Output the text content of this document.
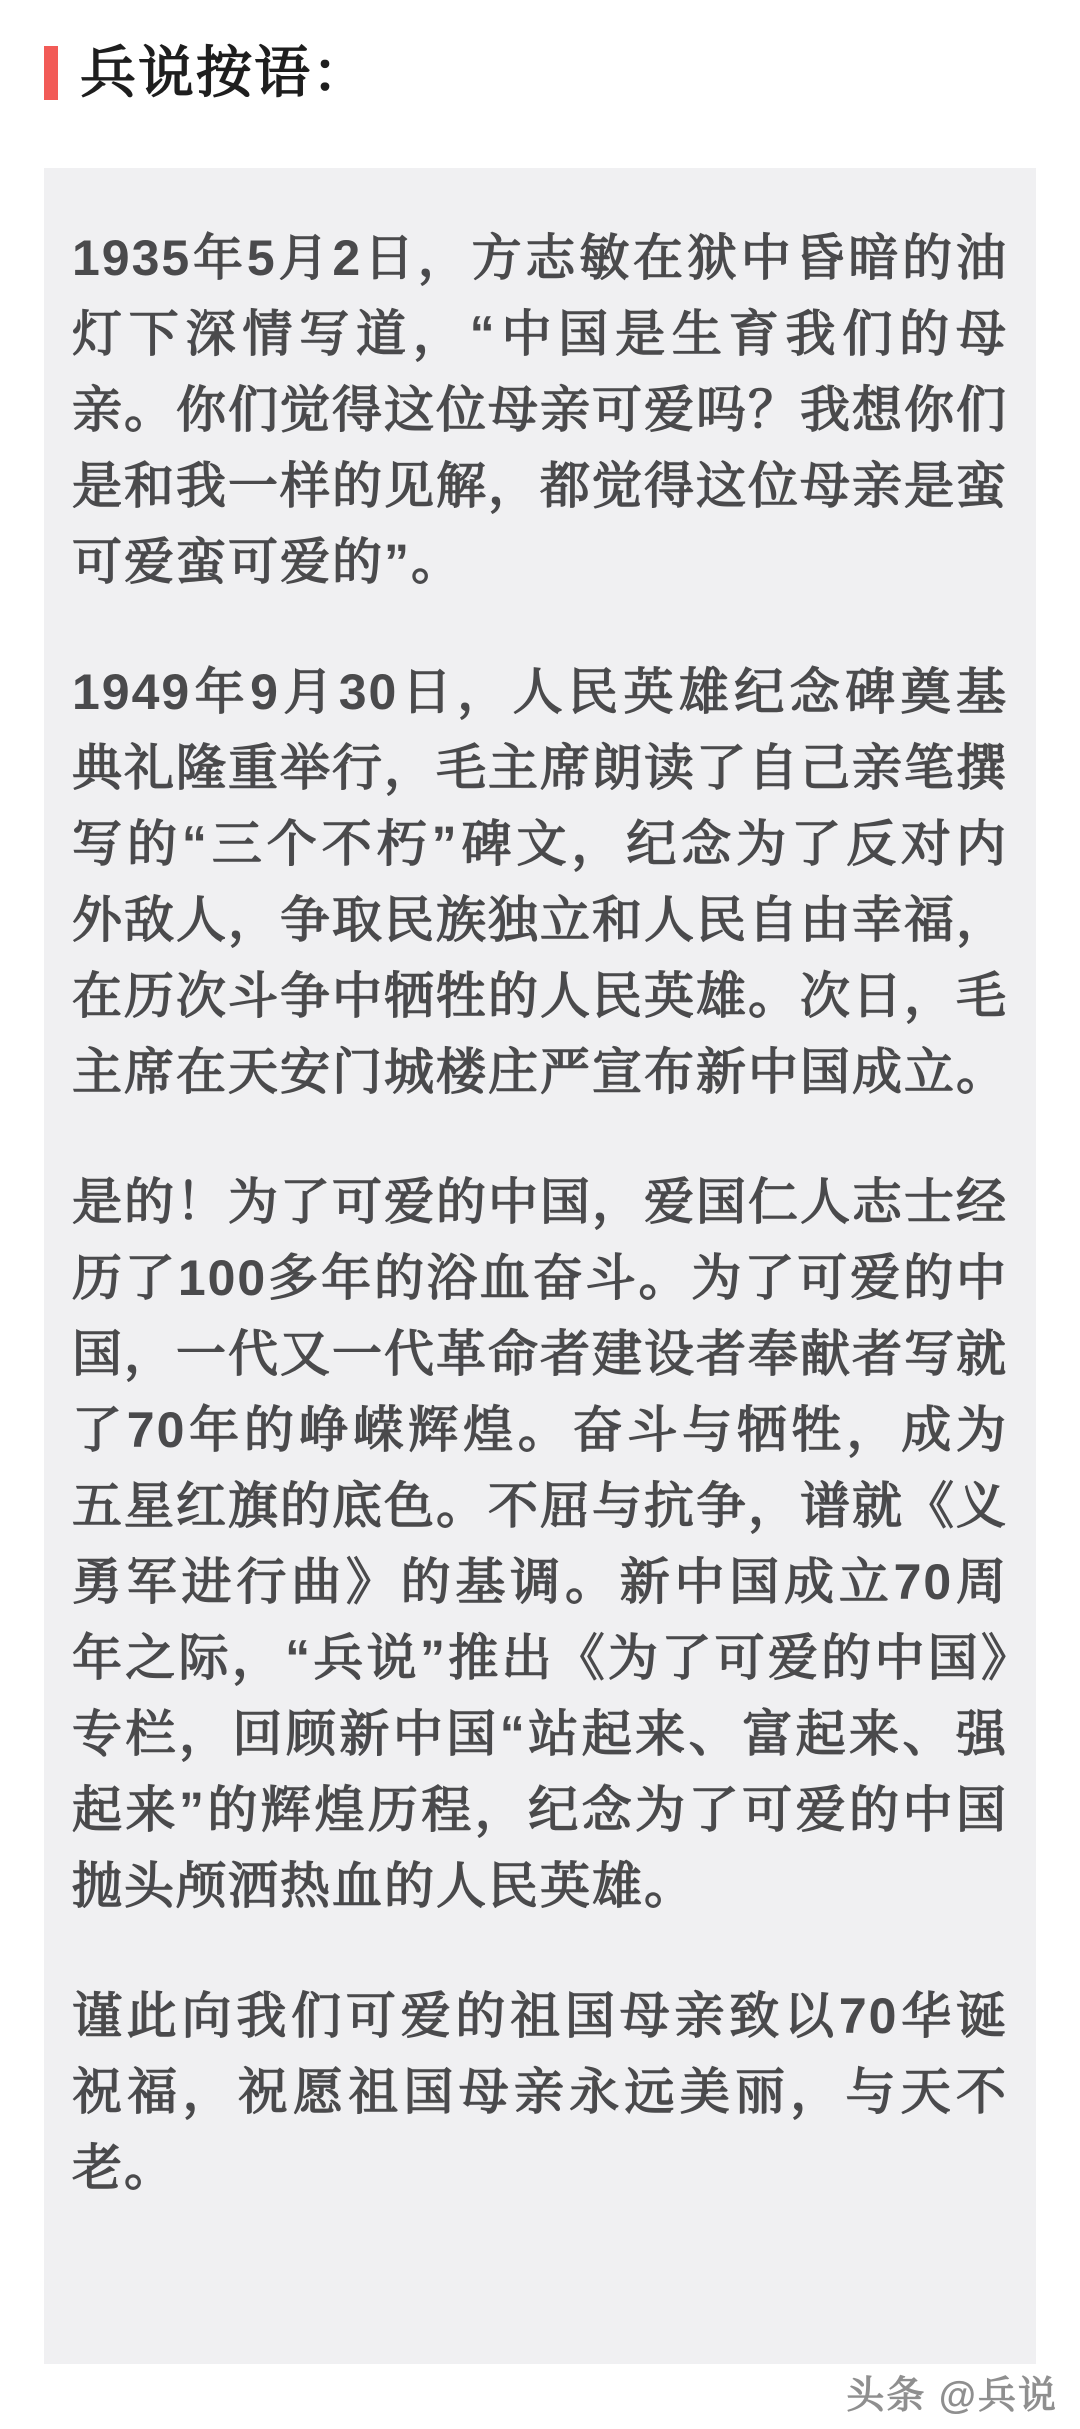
兵说按语：

1935年5月2日，方志敏在狱中昏暗的油灯下深情写道，“中国是生育我们的母亲。你们觉得这位母亲可爱吗？我想你们是和我一样的见解，都觉得这位母亲是蛮可爱蛮可爱的”。

1949年9月30日，人民英雄纪念碑奠基典礼隆重举行，毛主席朗读了自己亲笔撰写的“三个不朽”碑文，纪念为了反对内外敌人，争取民族独立和人民自由幸福，在历次斗争中牺牲的人民英雄。次日，毛主席在天安门城楼庄严宣布新中国成立。

是的！为了可爱的中国，爱国仁人志士经历了100多年的浴血奋斗。为了可爱的中国，一代又一代革命者建设者奉献者写就了70年的峥嵘辉煌。奋斗与牺牲，成为五星红旗的底色。不屈与抗争，谱就《义勇军进行曲》的基调。新中国成立70周年之际，“兵说”推出《为了可爱的中国》专栏，回顾新中国“站起来、富起来、强起来”的辉煌历程，纪念为了可爱的中国抛头颅洒热血的人民英雄。

谨此向我们可爱的祖国母亲致以70华诞祝福，祝愿祖国母亲永远美丽，与天不老。

头条 @兵说
